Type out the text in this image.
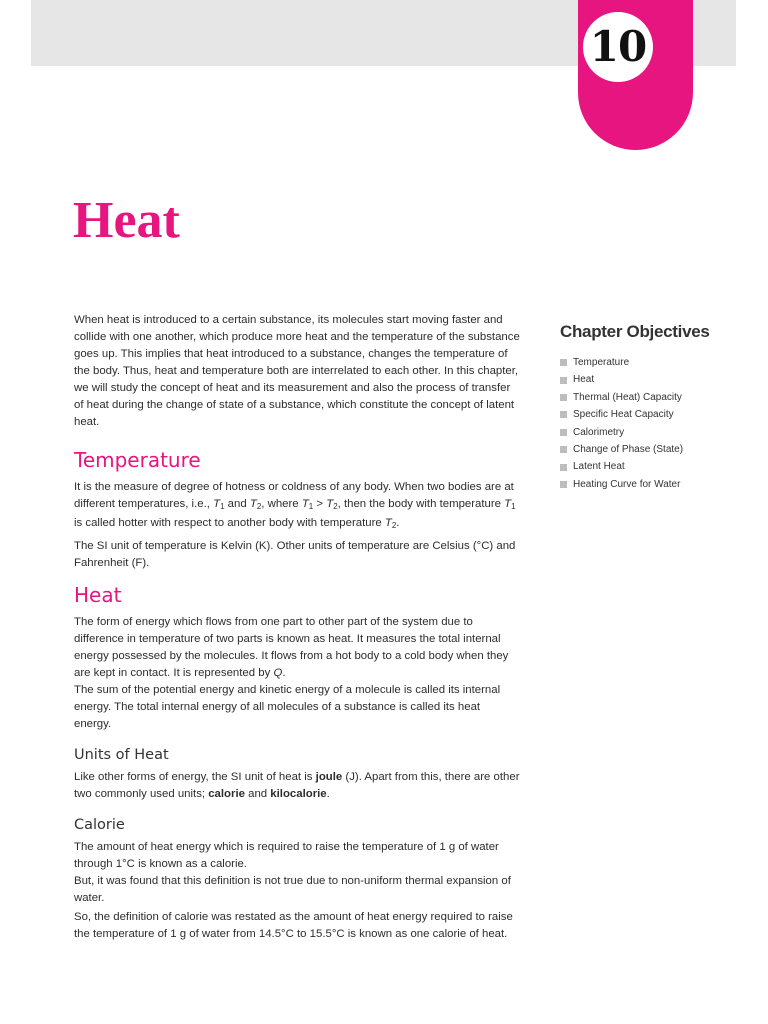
10
Heat

When heat is introduced to a certain substance, its molecules start moving faster and collide with one another, which produce more heat and the temperature of the substance goes up. This implies that heat introduced to a substance, changes the temperature of the body. Thus, heat and temperature both are interrelated to each other. In this chapter, we will study the concept of heat and its measurement and also the process of transfer of heat during the change of state of a substance, which constitute the concept of latent heat.

Temperature

It is the measure of degree of hotness or coldness of any body. When two bodies are at different temperatures, i.e., $T_1$ and $T_2$, where $T_1 > T_2$, then the body with temperature $T_1$ is called hotter with respect to another body with temperature $T_2$.

The SI unit of temperature is Kelvin (K). Other units of temperature are Celsius (°C) and Fahrenheit (F).

Heat

The form of energy which flows from one part to other part of the system due to difference in temperature of two parts is known as heat. It measures the total internal energy possessed by the molecules. It flows from a hot body to a cold body when they are kept in contact. It is represented by Q.

The sum of the potential energy and kinetic energy of a molecule is called its internal energy. The total internal energy of all molecules of a substance is called its heat energy.

Units of Heat

Like other forms of energy, the SI unit of heat is joule (J). Apart from this, there are other two commonly used units; calorie and kilocalorie.

Calorie

The amount of heat energy which is required to raise the temperature of 1 g of water through 1°C is known as a calorie.

But, it was found that this definition is not true due to non-uniform thermal expansion of water.

So, the definition of calorie was restated as the amount of heat energy required to raise the temperature of 1 g of water from 14.5°C to 15.5°C is known as one calorie of heat.

Chapter Objectives
Temperature
Heat
Thermal (Heat) Capacity
Specific Heat Capacity
Calorimetry
Change of Phase (State)
Latent Heat
Heating Curve for Water
